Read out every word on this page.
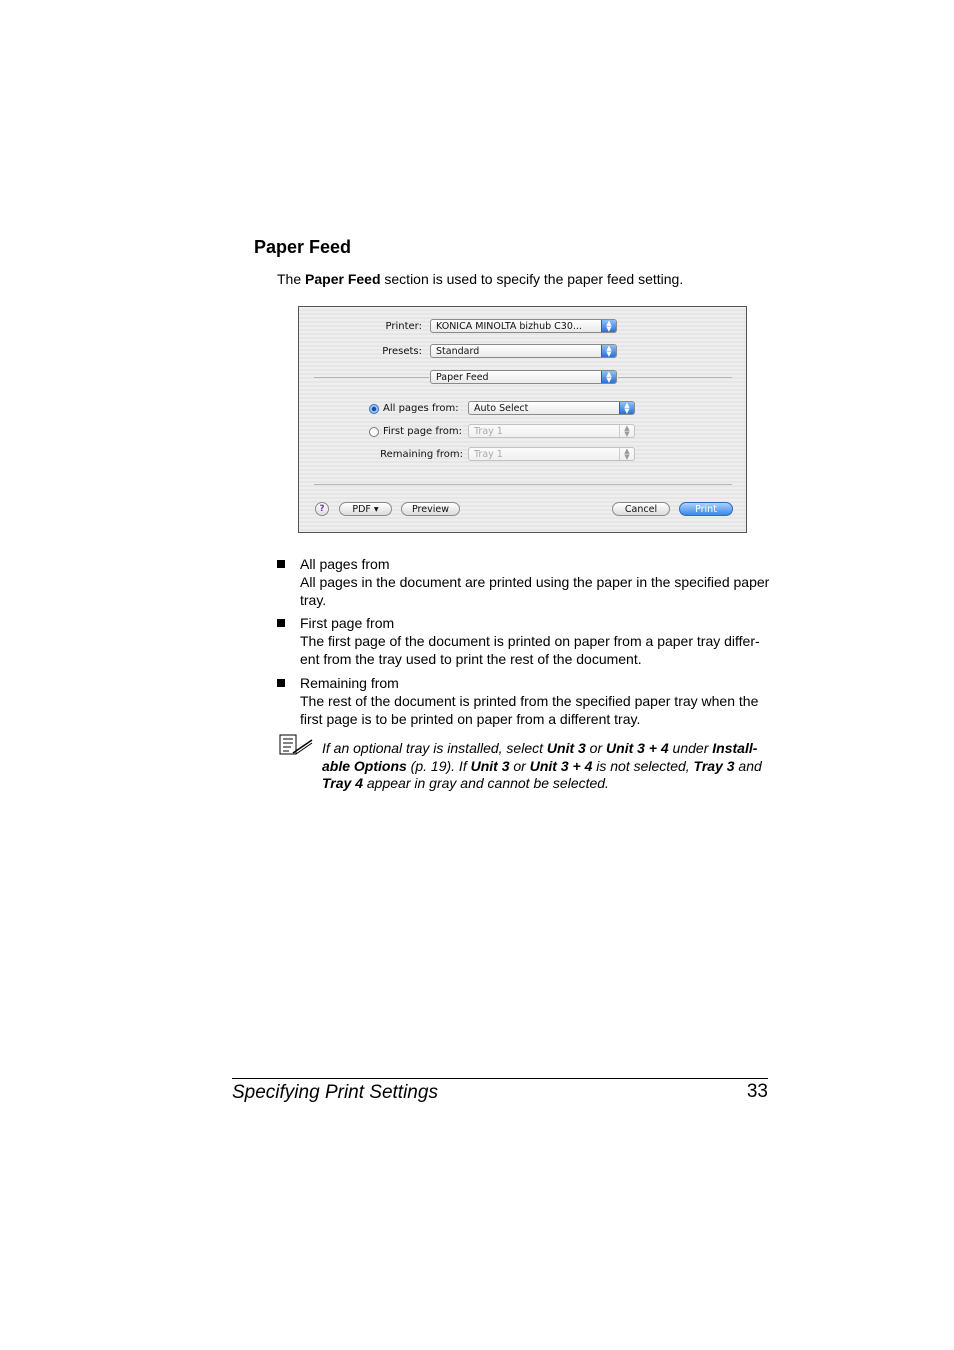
Paper Feed
The Paper Feed section is used to specify the paper feed setting.
Printer:	KONICA MINOLTA bizhub C30...	▲
▼
Presets:	Standard	▲
▼
Paper Feed	▲
▼
All pages from:	Auto Select	▲
▼
First page from:	Tray 1	▲
▼
Remaining from:	Tray 1	▲
▼
?	PDF ▾	Preview	Cancel	Print
All pages from
All pages in the document are printed using the paper in the specified paper tray.
First page from
The first page of the document is printed on paper from a paper tray differ-ent from the tray used to print the rest of the document.
Remaining from
The rest of the document is printed from the specified paper tray when the first page is to be printed on paper from a different tray.
If an optional tray is installed, select Unit 3 or Unit 3 + 4 under Install-able Options (p. 19). If Unit 3 or Unit 3 + 4 is not selected, Tray 3 and Tray 4 appear in gray and cannot be selected.
Specifying Print Settings	33
